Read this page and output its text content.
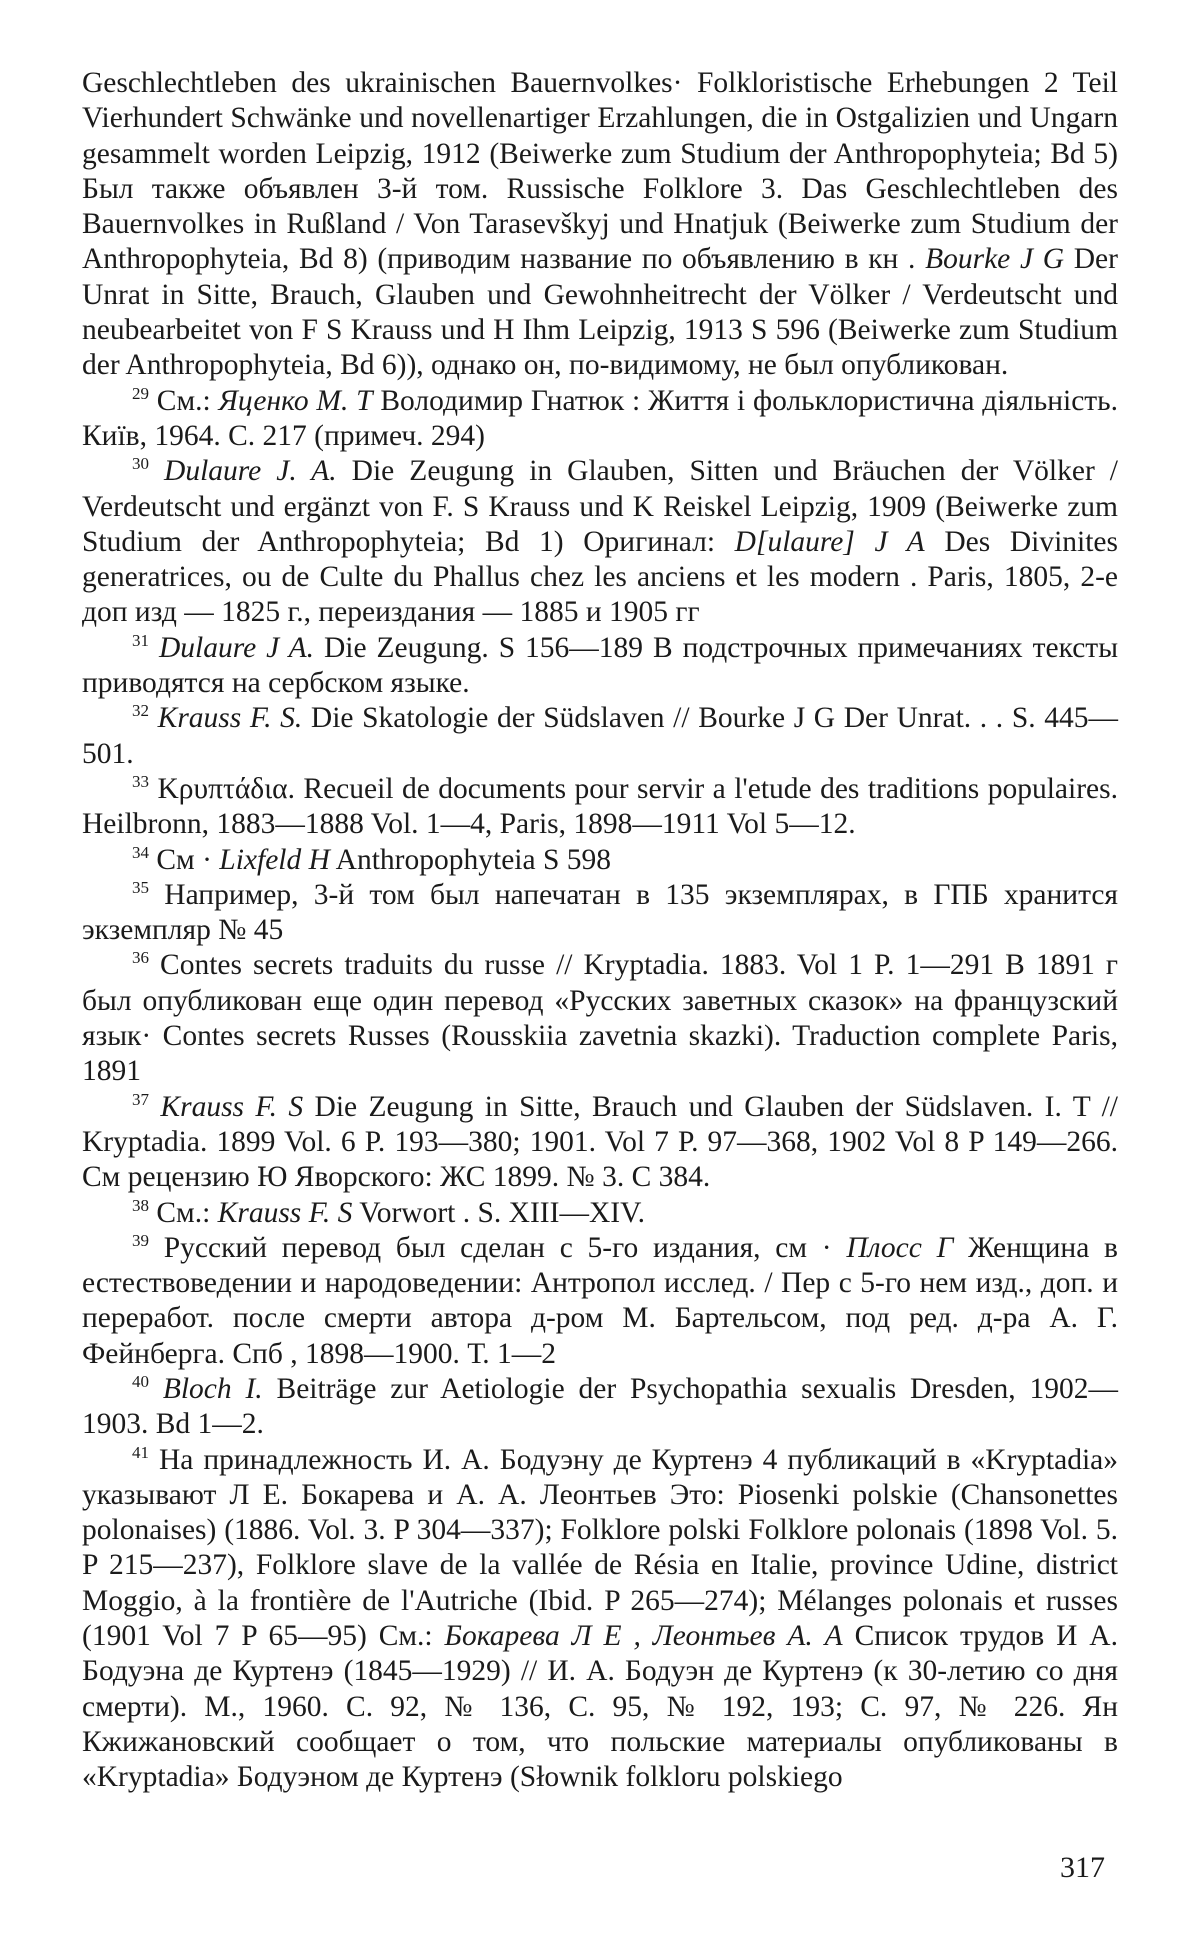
Geschlechtleben des ukrainischen Bauernvolkes· Folkloristische Erhebungen 2 Teil Vierhundert Schwänke und novellenartiger Erzahlungen, die in Ostgalizien und Ungarn gesammelt worden Leipzig, 1912 (Beiwerke zum Studium der Anthropophyteia; Bd 5) Был также объявлен 3-й том. Russische Folklore 3. Das Geschlechtleben des Bauernvolkes in Rußland / Von Tarasevškyj und Hnatjuk (Beiwerke zum Studium der Anthropophyteia, Bd 8) (приводим название по объявлению в кн . Bourke J G Der Unrat in Sitte, Brauch, Glauben und Gewohnheitrecht der Völker / Verdeutscht und neubearbeitet von F S Krauss und H Ihm Leipzig, 1913 S 596 (Beiwerke zum Studium der Anthropophyteia, Bd 6)), однако он, по-видимому, не был опубликован.

29 См.: Яценко М. Т Володимир Гнатюк : Життя і фольклористична діяльність. Київ, 1964. С. 217 (примеч. 294)

30 Dulaure J. A. Die Zeugung in Glauben, Sitten und Bräuchen der Völker / Verdeutscht und ergänzt von F. S Krauss und K Reiskel Leipzig, 1909 (Beiwerke zum Studium der Anthropophyteia; Bd 1) Оригинал: D[ulaure] J A Des Divinites generatrices, ou de Culte du Phallus chez les anciens et les modern . Paris, 1805, 2-е доп изд — 1825 г., переиздания — 1885 и 1905 гг

31 Dulaure J A. Die Zeugung. S 156—189 В подстрочных примечаниях тексты приводятся на сербском языке.

32 Krauss F. S. Die Skatologie der Südslaven // Bourke J G Der Unrat. . . S. 445—501.

33 Κρυπτάδια. Recueil de documents pour servir a l'etude des traditions populaires. Heilbronn, 1883—1888 Vol. 1—4, Paris, 1898—1911 Vol 5—12.

34 См · Lixfeld H Anthropophyteia S 598

35 Например, 3-й том был напечатан в 135 экземплярах, в ГПБ хранится экземпляр № 45

36 Contes secrets traduits du russe // Kryptadia. 1883. Vol 1 P. 1—291 В 1891 г был опубликован еще один перевод «Русских заветных сказок» на французский язык· Contes secrets Russes (Rousskiia zavetnia skazki). Traduction complete Paris, 1891

37 Krauss F. S Die Zeugung in Sitte, Brauch und Glauben der Südslaven. I. T // Kryptadia. 1899 Vol. 6 P. 193—380; 1901. Vol 7 P. 97—368, 1902 Vol 8 P 149—266. См рецензию Ю Яворского: ЖС 1899. № 3. С 384.

38 См.: Krauss F. S Vorwort . S. XIII—XIV.

39 Русский перевод был сделан с 5-го издания, см · Плосс Г Женщина в естествоведении и народоведении: Антропол исслед. / Пер с 5-го нем изд., доп. и переработ. после смерти автора д-ром М. Бартельсом, под ред. д-ра А. Г. Фейнберга. Спб , 1898—1900. Т. 1—2

40 Bloch I. Beiträge zur Aetiologie der Psychopathia sexualis Dresden, 1902—1903. Bd 1—2.

41 На принадлежность И. А. Бодуэну де Куртенэ 4 публикаций в «Kryptadia» указывают Л Е. Бокарева и А. А. Леонтьев Это: Piosenki polskie (Chansonettes polonaises) (1886. Vol. 3. P 304—337); Folklore polski Folklore polonais (1898 Vol. 5. P 215—237), Folklore slave de la vallée de Résia en Italie, province Udine, district Moggio, à la frontière de l'Autriche (Ibid. P 265—274); Mélanges polonais et russes (1901 Vol 7 P 65—95) См.: Бокарева Л Е , Леонтьев А. А Список трудов И А. Бодуэна де Куртенэ (1845—1929) // И. А. Бодуэн де Куртенэ (к 30-летию со дня смерти). М., 1960. С. 92, № 136, С. 95, № 192, 193; С. 97, № 226. Ян Кжижановский сообщает о том, что польские материалы опубликованы в «Kryptadia» Бодуэном де Куртенэ (Słownik folkloru polskiego

317
